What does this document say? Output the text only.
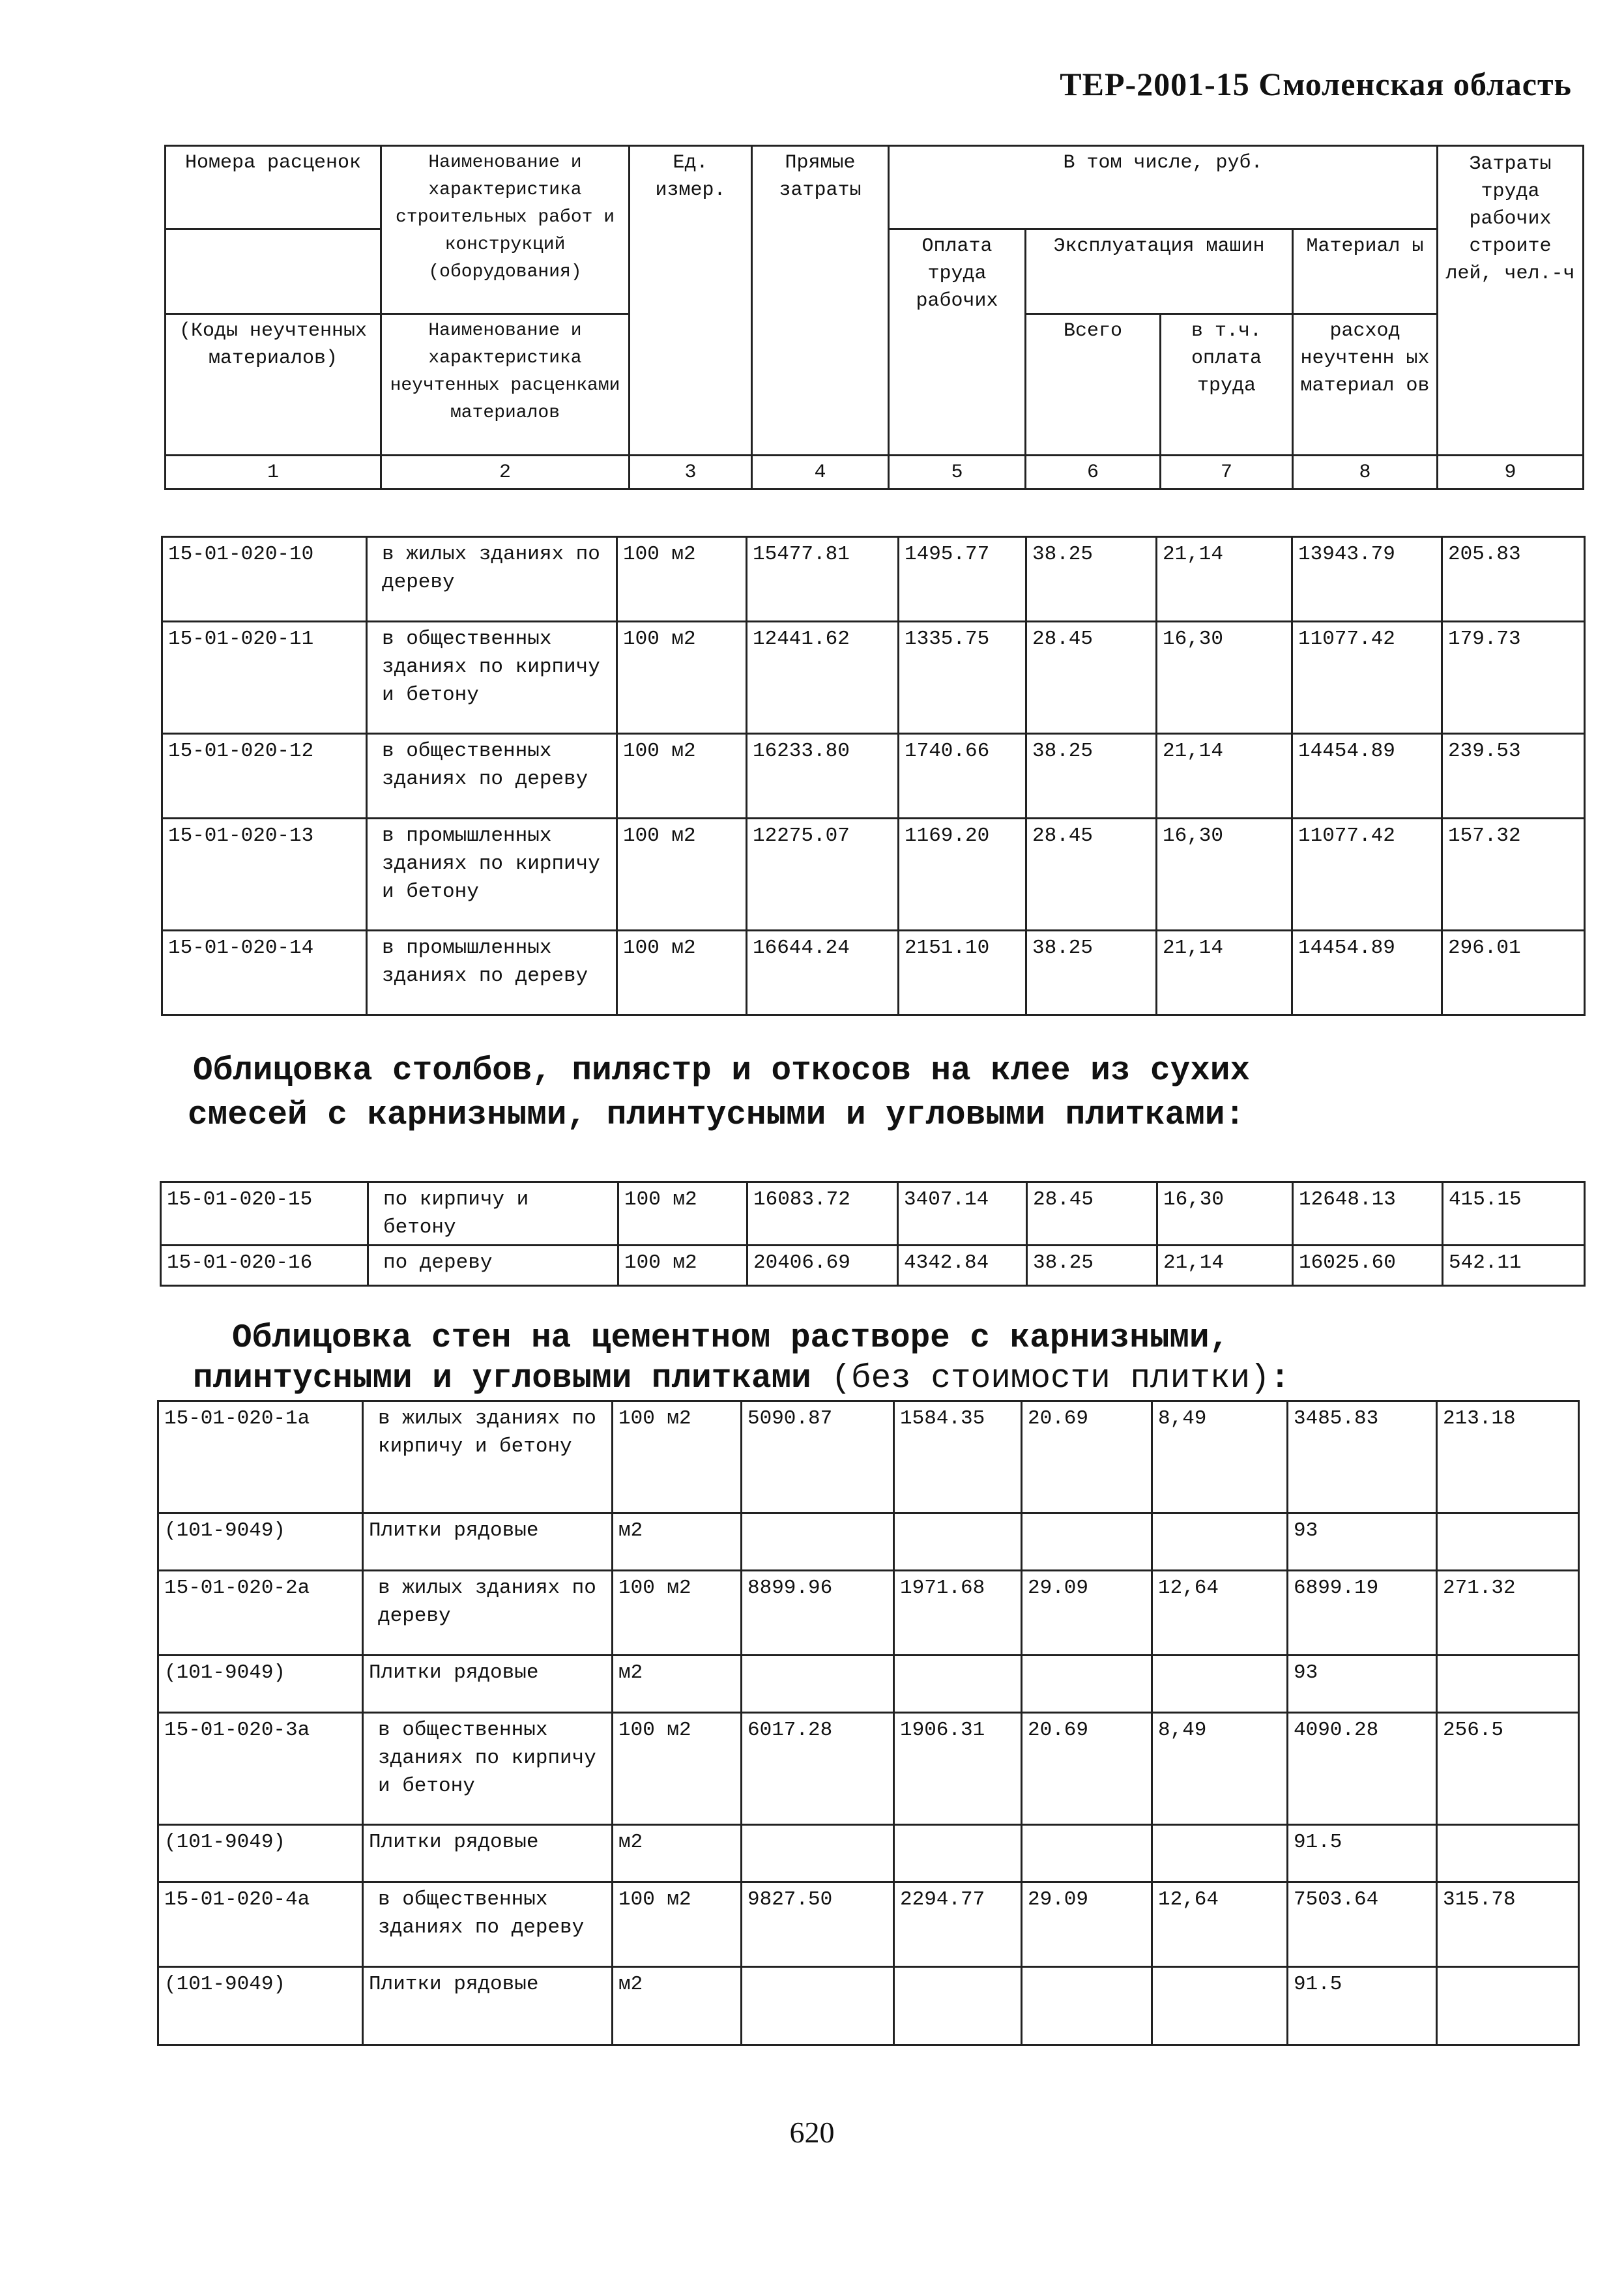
ТЕР-2001-15 Смоленская область
Номера расценок	Наименование и характеристика строительных работ и конструкций (оборудования)	Ед. измер.	Прямые затраты	В том числе, руб.				Затраты труда рабочих строите лей, чел.-ч
				Оплата труда рабочих	Эксплуатация машин		Материал ы	
(Коды неучтенных материалов)	Наименование и характеристика неучтенных расценками материалов				Всего	в т.ч. оплата труда	расход неучтенн ых материал ов	
1	2	3	4	5	6	7	8	9
15-01-020-10	в жилых зданиях по дереву	100 м2	15477.81	1495.77	38.25	21,14	13943.79	205.83
15-01-020-11	в общественных зданиях по кирпичу и бетону	100 м2	12441.62	1335.75	28.45	16,30	11077.42	179.73
15-01-020-12	в общественных зданиях по дереву	100 м2	16233.80	1740.66	38.25	21,14	14454.89	239.53
15-01-020-13	в промышленных зданиях по кирпичу и бетону	100 м2	12275.07	1169.20	28.45	16,30	11077.42	157.32
15-01-020-14	в промышленных зданиях по дереву	100 м2	16644.24	2151.10	38.25	21,14	14454.89	296.01
Облицовка столбов, пилястр и откосов на клее из сухих
смесей с карнизными, плинтусными и угловыми плитками:
15-01-020-15	по кирпичу и бетону	100 м2	16083.72	3407.14	28.45	16,30	12648.13	415.15
15-01-020-16	по дереву	100 м2	20406.69	4342.84	38.25	21,14	16025.60	542.11
Облицовка стен на цементном растворе с карнизными,
плинтусными и угловыми плитками (без стоимости плитки):
15-01-020-1а	в жилых зданиях по кирпичу и бетону	100 м2	5090.87	1584.35	20.69	8,49	3485.83	213.18
(101-9049)	Плитки рядовые	м2					93	
15-01-020-2а	в жилых зданиях по дереву	100 м2	8899.96	1971.68	29.09	12,64	6899.19	271.32
(101-9049)	Плитки рядовые	м2					93	
15-01-020-3а	в общественных зданиях по кирпичу и бетону	100 м2	6017.28	1906.31	20.69	8,49	4090.28	256.5
(101-9049)	Плитки рядовые	м2					91.5	
15-01-020-4а	в общественных зданиях по дереву	100 м2	9827.50	2294.77	29.09	12,64	7503.64	315.78
(101-9049)	Плитки рядовые	м2					91.5	
620
